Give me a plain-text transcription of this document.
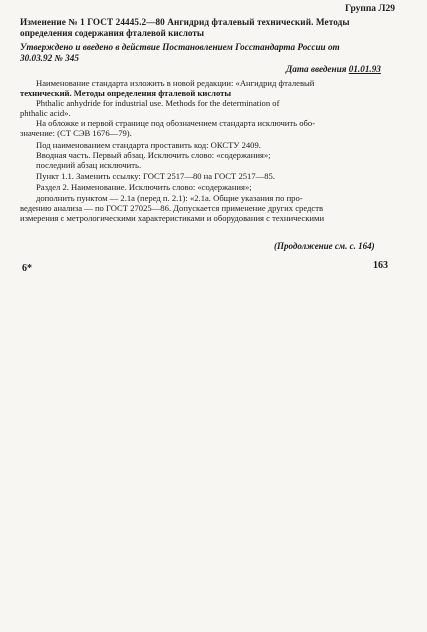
Группа Л29
Изменение № 1 ГОСТ 24445.2—80 Ангидрид фталевый технический. Методы
определения содержания фталевой кислоты
Утверждено и введено в действие Постановлением Госстандарта России от
30.03.92 № 345
Дата введения 01.01.93
Наименование стандарта изложить в новой редакции: «Ангидрид фталевый
технический. Методы определения фталевой кислоты
Phthalic anhydride for industrial use. Methods for the determination of
phthalic acid».
На обложке и первой странице под обозначением стандарта исключить обо-
значение: (СТ СЭВ 1676—79).
Под наименованием стандарта проставить код: ОКСТУ 2409.
Вводная часть. Первый абзац. Исключить слово: «содержания»;
последний абзац исключить.
Пункт 1.1. Заменить ссылку: ГОСТ 2517—80 на ГОСТ 2517—85.
Раздел 2. Наименование. Исключить слово: «содержания»;
дополнить пунктом — 2.1а (перед п. 2.1): «2.1а. Общие указания по про-
ведению анализа — по ГОСТ 27025—86. Допускается применение других средств
измерения с метрологическими характеристиками и оборудования с техническими
(Продолжение см. с. 164)
6*	163
